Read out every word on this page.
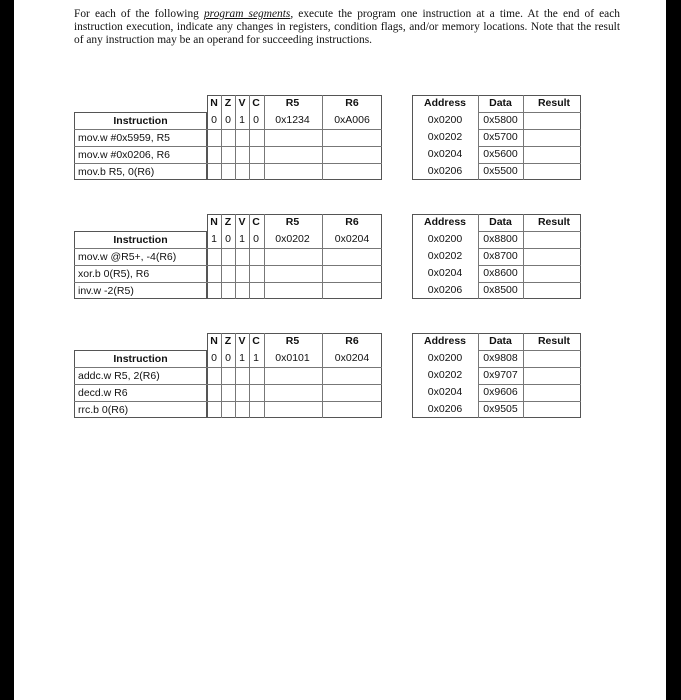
For each of the following program segments, execute the program one instruction at a time. At the end of each instruction execution, indicate any changes in registers, condition flags, and/or memory locations. Note that the result of any instruction may be an operand for succeeding instructions.
N Z V C	R5	R6
Instruction	0 0 1 0	0x1234	0xA006
mov.w #0x5959, R5
mov.w #0x0206, R6
mov.b R5, 0(R6)
Address	Data	Result
0x0200	0x5800
0x0202	0x5700
0x0204	0x5600
0x0206	0x5500
N Z V C	R5	R6
Instruction	1 0 1 0	0x0202	0x0204
mov.w @R5+, -4(R6)
xor.b 0(R5), R6
inv.w -2(R5)
Address	Data	Result
0x0200	0x8800
0x0202	0x8700
0x0204	0x8600
0x0206	0x8500
N Z V C	R5	R6
Instruction	0 0 1 1	0x0101	0x0204
addc.w R5, 2(R6)
decd.w R6
rrc.b 0(R6)
Address	Data	Result
0x0200	0x9808
0x0202	0x9707
0x0204	0x9606
0x0206	0x9505
